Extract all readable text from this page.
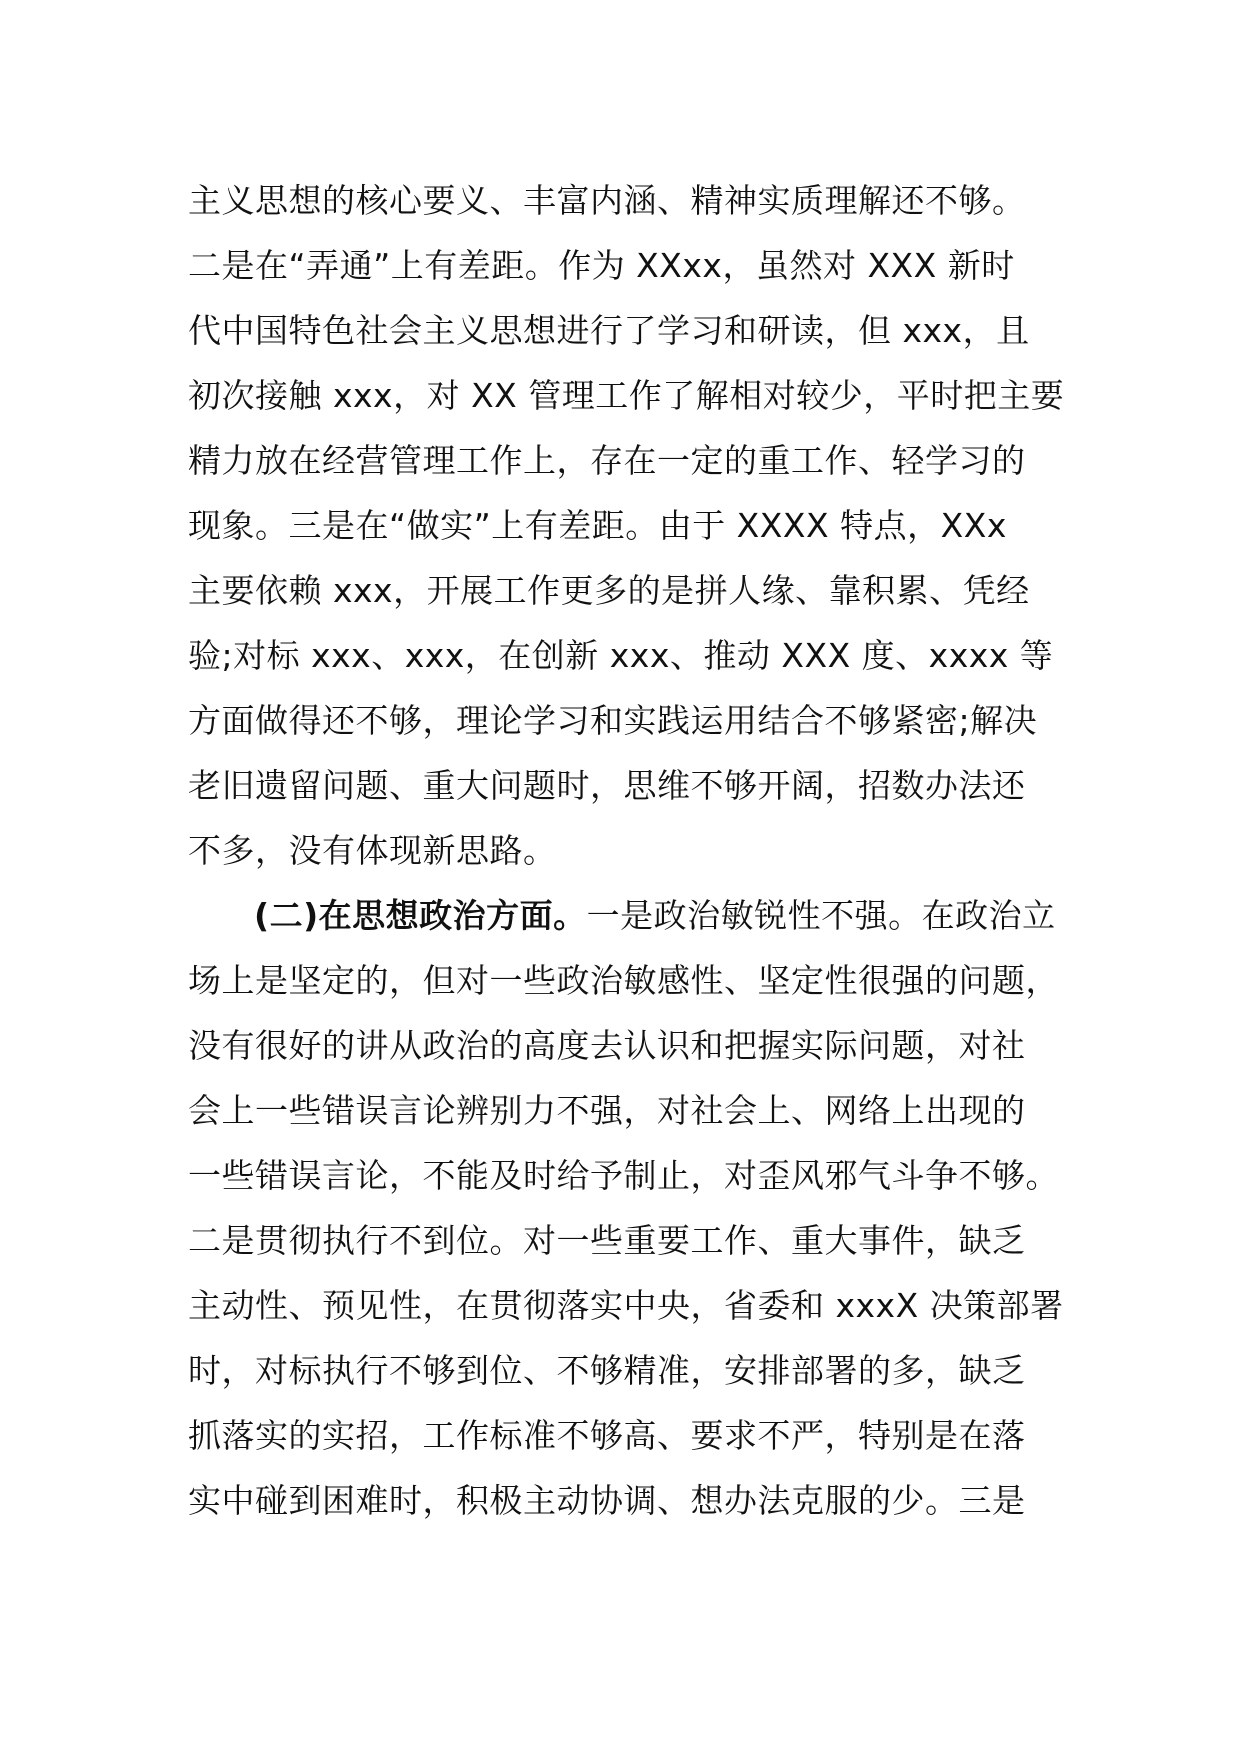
主义思想的核心要义、丰富内涵、精神实质理解还不够。
二是在“弄通”上有差距。作为 XXxx，虽然对 XXX 新时
代中国特色社会主义思想进行了学习和研读，但 xxx，且
初次接触 xxx，对 XX 管理工作了解相对较少，平时把主要
精力放在经营管理工作上，存在一定的重工作、轻学习的
现象。三是在“做实”上有差距。由于 XXXX 特点，XXx
主要依赖 xxx，开展工作更多的是拼人缘、靠积累、凭经
验;对标 xxx、xxx，在创新 xxx、推动 XXX 度、xxxx 等
方面做得还不够，理论学习和实践运用结合不够紧密;解决
老旧遗留问题、重大问题时，思维不够开阔，招数办法还
不多，没有体现新思路。
(二)在思想政治方面。一是政治敏锐性不强。在政治立
场上是坚定的，但对一些政治敏感性、坚定性很强的问题，
没有很好的讲从政治的高度去认识和把握实际问题，对社
会上一些错误言论辨别力不强，对社会上、网络上出现的
一些错误言论，不能及时给予制止，对歪风邪气斗争不够。
二是贯彻执行不到位。对一些重要工作、重大事件，缺乏
主动性、预见性，在贯彻落实中央，省委和 xxxX 决策部署
时，对标执行不够到位、不够精准，安排部署的多，缺乏
抓落实的实招，工作标准不够高、要求不严，特别是在落
实中碰到困难时，积极主动协调、想办法克服的少。三是
